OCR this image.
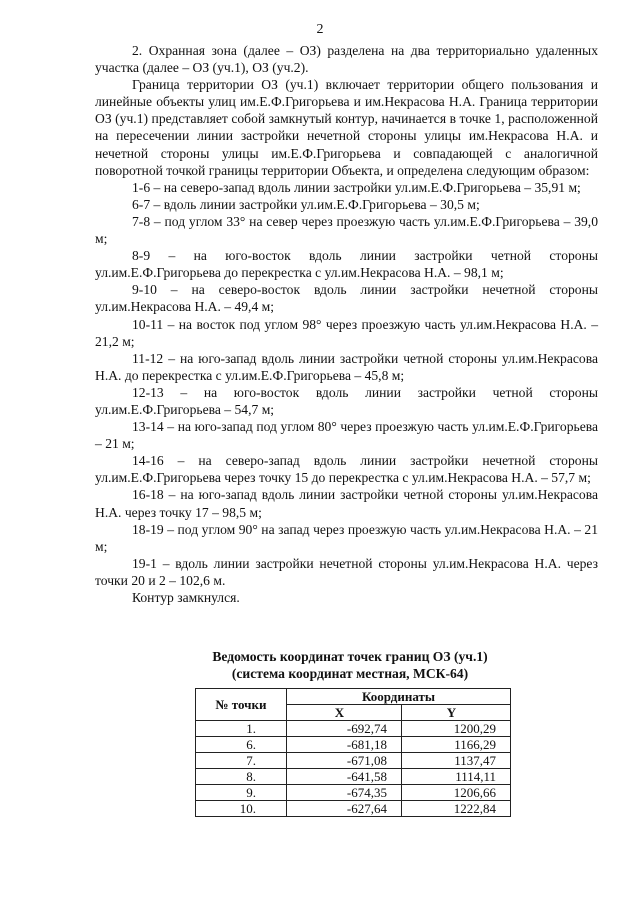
2

2. Охранная зона (далее – ОЗ) разделена на два территориально удаленных участка (далее – ОЗ (уч.1), ОЗ (уч.2).

Граница территории ОЗ (уч.1) включает территории общего пользования и линейные объекты улиц им.Е.Ф.Григорьева и им.Некрасова Н.А. Граница территории ОЗ (уч.1) представляет собой замкнутый контур, начинается в точке 1, расположенной на пересечении линии застройки нечетной стороны улицы им.Некрасова Н.А. и нечетной стороны улицы им.Е.Ф.Григорьева и совпадающей с аналогичной поворотной точкой границы территории Объекта, и определена следующим образом:

1-6 – на северо-запад вдоль линии застройки ул.им.Е.Ф.Григорьева – 35,91 м;

6-7 – вдоль линии застройки ул.им.Е.Ф.Григорьева – 30,5 м;

7-8 – под углом 33° на север через проезжую часть ул.им.Е.Ф.Григорьева – 39,0 м;

8-9 – на юго-восток вдоль линии застройки четной стороны ул.им.Е.Ф.Григорьева до перекрестка с ул.им.Некрасова Н.А. – 98,1 м;

9-10 – на северо-восток вдоль линии застройки нечетной стороны ул.им.Некрасова Н.А. – 49,4 м;

10-11 – на восток под углом 98° через проезжую часть ул.им.Некрасова Н.А. – 21,2 м;

11-12 – на юго-запад вдоль линии застройки четной стороны ул.им.Некрасова Н.А. до перекрестка с ул.им.Е.Ф.Григорьева – 45,8 м;

12-13 – на юго-восток вдоль линии застройки четной стороны ул.им.Е.Ф.Григорьева – 54,7 м;

13-14 – на юго-запад под углом 80° через проезжую часть ул.им.Е.Ф.Григорьева – 21 м;

14-16 – на северо-запад вдоль линии застройки нечетной стороны ул.им.Е.Ф.Григорьева через точку 15 до перекрестка с ул.им.Некрасова Н.А. – 57,7 м;

16-18 – на юго-запад вдоль линии застройки четной стороны ул.им.Некрасова Н.А. через точку 17 – 98,5 м;

18-19 – под углом 90° на запад через проезжую часть ул.им.Некрасова Н.А. – 21 м;

19-1 – вдоль линии застройки нечетной стороны ул.им.Некрасова Н.А. через точки 20 и 2 – 102,6 м.

Контур замкнулся.

Ведомость координат точек границ ОЗ (уч.1)
(система координат местная, МСК-64)
№ точки	Координаты	
	X	Y
1.	-692,74	1200,29
6.	-681,18	1166,29
7.	-671,08	1137,47
8.	-641,58	1114,11
9.	-674,35	1206,66
10.	-627,64	1222,84
